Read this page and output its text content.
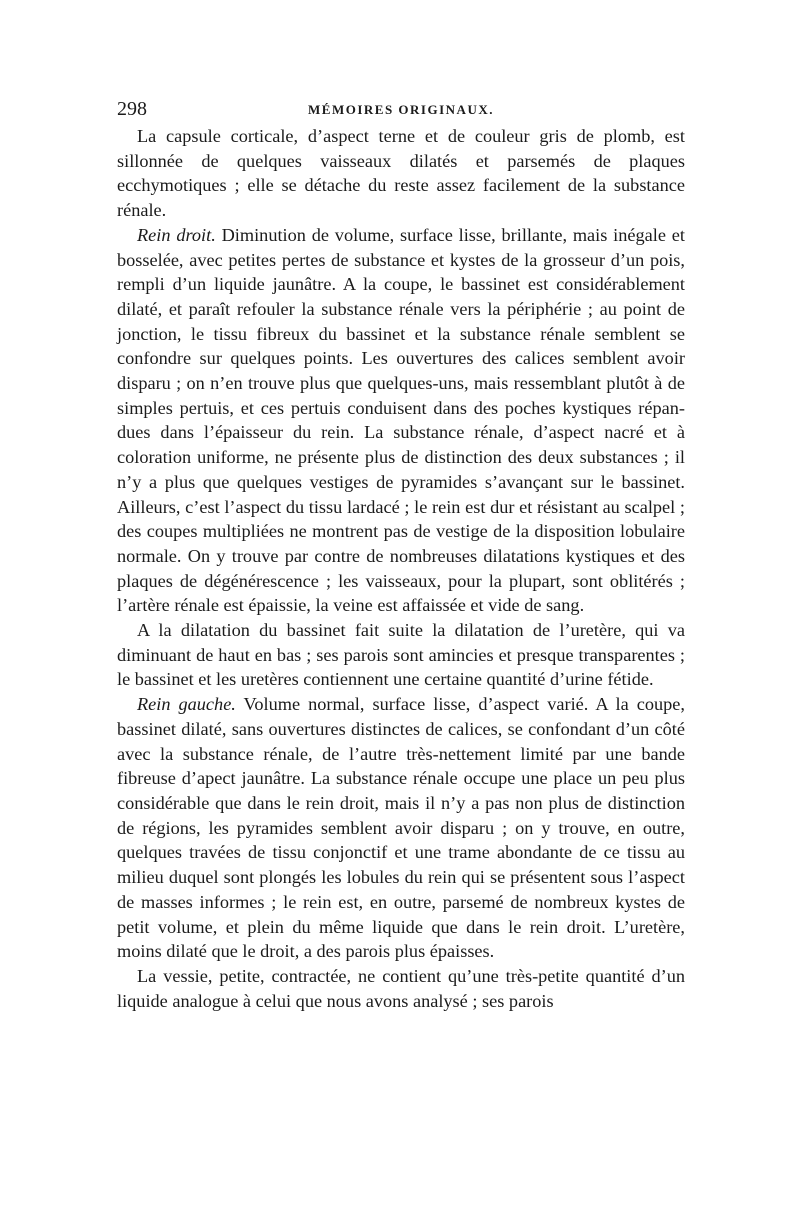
298	MÉMOIRES ORIGINAUX.

La capsule corticale, d’aspect terne et de couleur gris de plomb, est sillonnée de quelques vaisseaux dilatés et parsemés de plaques ecchymotiques ; elle se détache du reste assez facilement de la substance rénale.

Rein droit. Diminution de volume, surface lisse, brillante, mais inégale et bosselée, avec petites pertes de substance et kystes de la grosseur d’un pois, rempli d’un liquide jaunâtre. A la coupe, le bassinet est considérablement dilaté, et paraît refouler la substance rénale vers la périphérie ; au point de jonction, le tissu fibreux du bassinet et la substance rénale semblent se confondre sur quelques points. Les ouvertures des calices semblent avoir disparu ; on n’en trouve plus que quelques-uns, mais ressemblant plutôt à de simples pertuis, et ces pertuis conduisent dans des poches kystiques répandues dans l’épaisseur du rein. La substance rénale, d’aspect nacré et à coloration uniforme, ne présente plus de distinction des deux substances ; il n’y a plus que quelques vestiges de pyramides s’avançant sur le bassinet. Ailleurs, c’est l’aspect du tissu lardacé ; le rein est dur et résistant au scalpel ; des coupes multipliées ne montrent pas de vestige de la disposition lobulaire normale. On y trouve par contre de nombreuses dilatations kystiques et des plaques de dégénérescence ; les vaisseaux, pour la plupart, sont oblitérés ; l’artère rénale est épaissie, la veine est affaissée et vide de sang.

A la dilatation du bassinet fait suite la dilatation de l’uretère, qui va diminuant de haut en bas ; ses parois sont amincies et presque transparentes ; le bassinet et les uretères contiennent une certaine quantité d’urine fétide.

Rein gauche. Volume normal, surface lisse, d’aspect varié. A la coupe, bassinet dilaté, sans ouvertures distinctes de calices, se confondant d’un côté avec la substance rénale, de l’autre très-nettement limité par une bande fibreuse d’apect jaunâtre. La substance rénale occupe une place un peu plus considérable que dans le rein droit, mais il n’y a pas non plus de distinction de régions, les pyramides semblent avoir disparu ; on y trouve, en outre, quelques travées de tissu conjonctif et une trame abondante de ce tissu au milieu duquel sont plongés les lobules du rein qui se présentent sous l’aspect de masses informes ; le rein est, en outre, parsemé de nombreux kystes de petit volume, et plein du même liquide que dans le rein droit. L’uretère, moins dilaté que le droit, a des parois plus épaisses.

La vessie, petite, contractée, ne contient qu’une très-petite quantité d’un liquide analogue à celui que nous avons analysé ; ses parois
